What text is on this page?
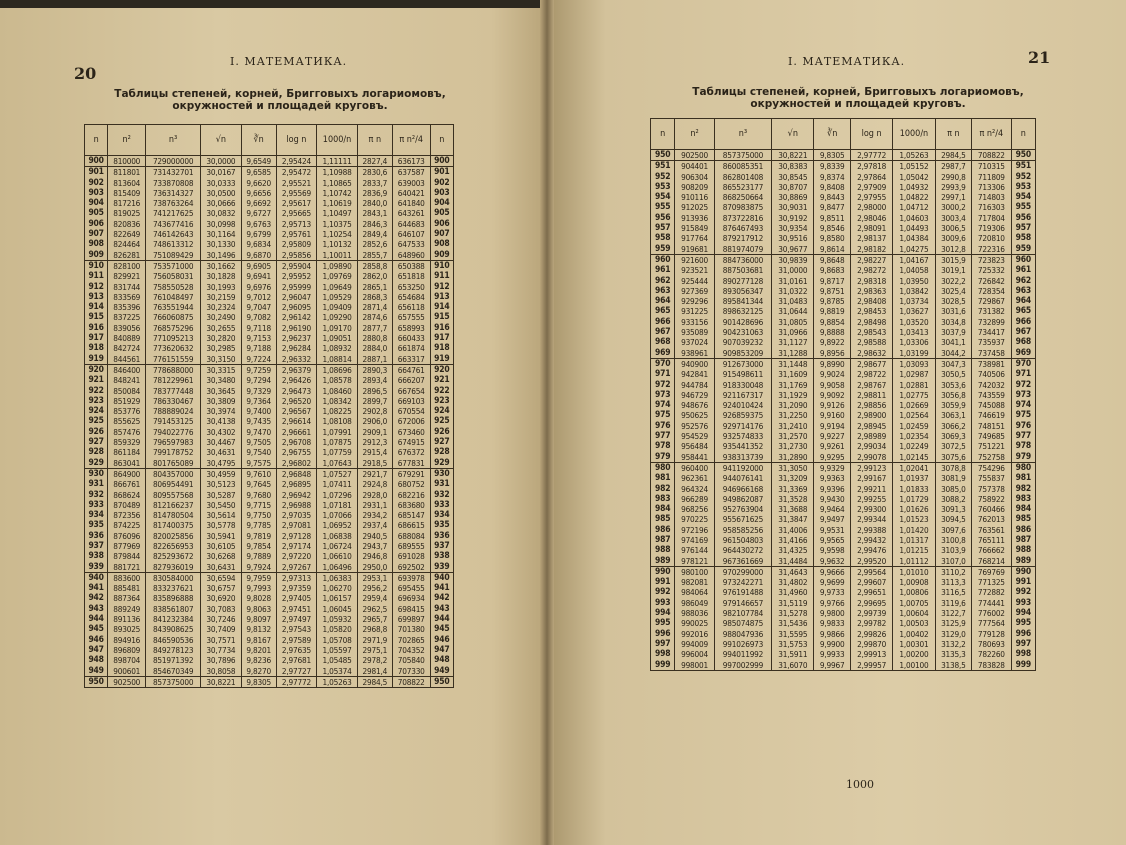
20
I. МАТЕМАТИКА.
Таблицы степеней, корней, Бригговыхъ логариомовъ, окружностей и площадей круговъ.
n	n²	n³	√n	∛n	log n	1000/n	π n	π n²/4	n
900	810000	729000000	30,0000	9,6549	2,95424	1,11111	2827,4	636173	900
901	811801	731432701	30,0167	9,6585	2,95472	1,10988	2830,6	637587	901
902	813604	733870808	30,0333	9,6620	2,95521	1,10865	2833,7	639003	902
903	815409	736314327	30,0500	9,6656	2,95569	1,10742	2836,9	640421	903
904	817216	738763264	30,0666	9,6692	2,95617	1,10619	2840,0	641840	904
905	819025	741217625	30,0832	9,6727	2,95665	1,10497	2843,1	643261	905
906	820836	743677416	30,0998	9,6763	2,95713	1,10375	2846,3	644683	906
907	822649	746142643	30,1164	9,6799	2,95761	1,10254	2849,4	646107	907
908	824464	748613312	30,1330	9,6834	2,95809	1,10132	2852,6	647533	908
909	826281	751089429	30,1496	9,6870	2,95856	1,10011	2855,7	648960	909
910	828100	753571000	30,1662	9,6905	2,95904	1,09890	2858,8	650388	910
911	829921	756058031	30,1828	9,6941	2,95952	1,09769	2862,0	651818	911
912	831744	758550528	30,1993	9,6976	2,95999	1,09649	2865,1	653250	912
913	833569	761048497	30,2159	9,7012	2,96047	1,09529	2868,3	654684	913
914	835396	763551944	30,2324	9,7047	2,96095	1,09409	2871,4	656118	914
915	837225	766060875	30,2490	9,7082	2,96142	1,09290	2874,6	657555	915
916	839056	768575296	30,2655	9,7118	2,96190	1,09170	2877,7	658993	916
917	840889	771095213	30,2820	9,7153	2,96237	1,09051	2880,8	660433	917
918	842724	773620632	30,2985	9,7188	2,96284	1,08932	2884,0	661874	918
919	844561	776151559	30,3150	9,7224	2,96332	1,08814	2887,1	663317	919
920	846400	778688000	30,3315	9,7259	2,96379	1,08696	2890,3	664761	920
921	848241	781229961	30,3480	9,7294	2,96426	1,08578	2893,4	666207	921
922	850084	783777448	30,3645	9,7329	2,96473	1,08460	2896,5	667654	922
923	851929	786330467	30,3809	9,7364	2,96520	1,08342	2899,7	669103	923
924	853776	788889024	30,3974	9,7400	2,96567	1,08225	2902,8	670554	924
925	855625	791453125	30,4138	9,7435	2,96614	1,08108	2906,0	672006	925
926	857476	794022776	30,4302	9,7470	2,96661	1,07991	2909,1	673460	926
927	859329	796597983	30,4467	9,7505	2,96708	1,07875	2912,3	674915	927
928	861184	799178752	30,4631	9,7540	2,96755	1,07759	2915,4	676372	928
929	863041	801765089	30,4795	9,7575	2,96802	1,07643	2918,5	677831	929
930	864900	804357000	30,4959	9,7610	2,96848	1,07527	2921,7	679291	930
931	866761	806954491	30,5123	9,7645	2,96895	1,07411	2924,8	680752	931
932	868624	809557568	30,5287	9,7680	2,96942	1,07296	2928,0	682216	932
933	870489	812166237	30,5450	9,7715	2,96988	1,07181	2931,1	683680	933
934	872356	814780504	30,5614	9,7750	2,97035	1,07066	2934,2	685147	934
935	874225	817400375	30,5778	9,7785	2,97081	1,06952	2937,4	686615	935
936	876096	820025856	30,5941	9,7819	2,97128	1,06838	2940,5	688084	936
937	877969	822656953	30,6105	9,7854	2,97174	1,06724	2943,7	689555	937
938	879844	825293672	30,6268	9,7889	2,97220	1,06610	2946,8	691028	938
939	881721	827936019	30,6431	9,7924	2,97267	1,06496	2950,0	692502	939
940	883600	830584000	30,6594	9,7959	2,97313	1,06383	2953,1	693978	940
941	885481	833237621	30,6757	9,7993	2,97359	1,06270	2956,2	695455	941
942	887364	835896888	30,6920	9,8028	2,97405	1,06157	2959,4	696934	942
943	889249	838561807	30,7083	9,8063	2,97451	1,06045	2962,5	698415	943
944	891136	841232384	30,7246	9,8097	2,97497	1,05932	2965,7	699897	944
945	893025	843908625	30,7409	9,8132	2,97543	1,05820	2968,8	701380	945
946	894916	846590536	30,7571	9,8167	2,97589	1,05708	2971,9	702865	946
947	896809	849278123	30,7734	9,8201	2,97635	1,05597	2975,1	704352	947
948	898704	851971392	30,7896	9,8236	2,97681	1,05485	2978,2	705840	948
949	900601	854670349	30,8058	9,8270	2,97727	1,05374	2981,4	707330	949
950	902500	857375000	30,8221	9,8305	2,97772	1,05263	2984,5	708822	950
21
I. МАТЕМАТИКА.
Таблицы степеней, корней, Бригговыхъ логариомовъ, окружностей и площадей круговъ.
n	n²	n³	√n	∛n	log n	1000/n	π n	π n²/4	n
950	902500	857375000	30,8221	9,8305	2,97772	1,05263	2984,5	708822	950
951	904401	860085351	30,8383	9,8339	2,97818	1,05152	2987,7	710315	951
952	906304	862801408	30,8545	9,8374	2,97864	1,05042	2990,8	711809	952
953	908209	865523177	30,8707	9,8408	2,97909	1,04932	2993,9	713306	953
954	910116	868250664	30,8869	9,8443	2,97955	1,04822	2997,1	714803	954
955	912025	870983875	30,9031	9,8477	2,98000	1,04712	3000,2	716303	955
956	913936	873722816	30,9192	9,8511	2,98046	1,04603	3003,4	717804	956
957	915849	876467493	30,9354	9,8546	2,98091	1,04493	3006,5	719306	957
958	917764	879217912	30,9516	9,8580	2,98137	1,04384	3009,6	720810	958
959	919681	881974079	30,9677	9,8614	2,98182	1,04275	3012,8	722316	959
960	921600	884736000	30,9839	9,8648	2,98227	1,04167	3015,9	723823	960
961	923521	887503681	31,0000	9,8683	2,98272	1,04058	3019,1	725332	961
962	925444	890277128	31,0161	9,8717	2,98318	1,03950	3022,2	726842	962
963	927369	893056347	31,0322	9,8751	2,98363	1,03842	3025,4	728354	963
964	929296	895841344	31,0483	9,8785	2,98408	1,03734	3028,5	729867	964
965	931225	898632125	31,0644	9,8819	2,98453	1,03627	3031,6	731382	965
966	933156	901428696	31,0805	9,8854	2,98498	1,03520	3034,8	732899	966
967	935089	904231063	31,0966	9,8888	2,98543	1,03413	3037,9	734417	967
968	937024	907039232	31,1127	9,8922	2,98588	1,03306	3041,1	735937	968
969	938961	909853209	31,1288	9,8956	2,98632	1,03199	3044,2	737458	969
970	940900	912673000	31,1448	9,8990	2,98677	1,03093	3047,3	738981	970
971	942841	915498611	31,1609	9,9024	2,98722	1,02987	3050,5	740506	971
972	944784	918330048	31,1769	9,9058	2,98767	1,02881	3053,6	742032	972
973	946729	921167317	31,1929	9,9092	2,98811	1,02775	3056,8	743559	973
974	948676	924010424	31,2090	9,9126	2,98856	1,02669	3059,9	745088	974
975	950625	926859375	31,2250	9,9160	2,98900	1,02564	3063,1	746619	975
976	952576	929714176	31,2410	9,9194	2,98945	1,02459	3066,2	748151	976
977	954529	932574833	31,2570	9,9227	2,98989	1,02354	3069,3	749685	977
978	956484	935441352	31,2730	9,9261	2,99034	1,02249	3072,5	751221	978
979	958441	938313739	31,2890	9,9295	2,99078	1,02145	3075,6	752758	979
980	960400	941192000	31,3050	9,9329	2,99123	1,02041	3078,8	754296	980
981	962361	944076141	31,3209	9,9363	2,99167	1,01937	3081,9	755837	981
982	964324	946966168	31,3369	9,9396	2,99211	1,01833	3085,0	757378	982
983	966289	949862087	31,3528	9,9430	2,99255	1,01729	3088,2	758922	983
984	968256	952763904	31,3688	9,9464	2,99300	1,01626	3091,3	760466	984
985	970225	955671625	31,3847	9,9497	2,99344	1,01523	3094,5	762013	985
986	972196	958585256	31,4006	9,9531	2,99388	1,01420	3097,6	763561	986
987	974169	961504803	31,4166	9,9565	2,99432	1,01317	3100,8	765111	987
988	976144	964430272	31,4325	9,9598	2,99476	1,01215	3103,9	766662	988
989	978121	967361669	31,4484	9,9632	2,99520	1,01112	3107,0	768214	989
990	980100	970299000	31,4643	9,9666	2,99564	1,01010	3110,2	769769	990
991	982081	973242271	31,4802	9,9699	2,99607	1,00908	3113,3	771325	991
992	984064	976191488	31,4960	9,9733	2,99651	1,00806	3116,5	772882	992
993	986049	979146657	31,5119	9,9766	2,99695	1,00705	3119,6	774441	993
994	988036	982107784	31,5278	9,9800	2,99739	1,00604	3122,7	776002	994
995	990025	985074875	31,5436	9,9833	2,99782	1,00503	3125,9	777564	995
996	992016	988047936	31,5595	9,9866	2,99826	1,00402	3129,0	779128	996
997	994009	991026973	31,5753	9,9900	2,99870	1,00301	3132,2	780693	997
998	996004	994011992	31,5911	9,9933	2,99913	1,00200	3135,3	782260	998
999	998001	997002999	31,6070	9,9967	2,99957	1,00100	3138,5	783828	999
1000
